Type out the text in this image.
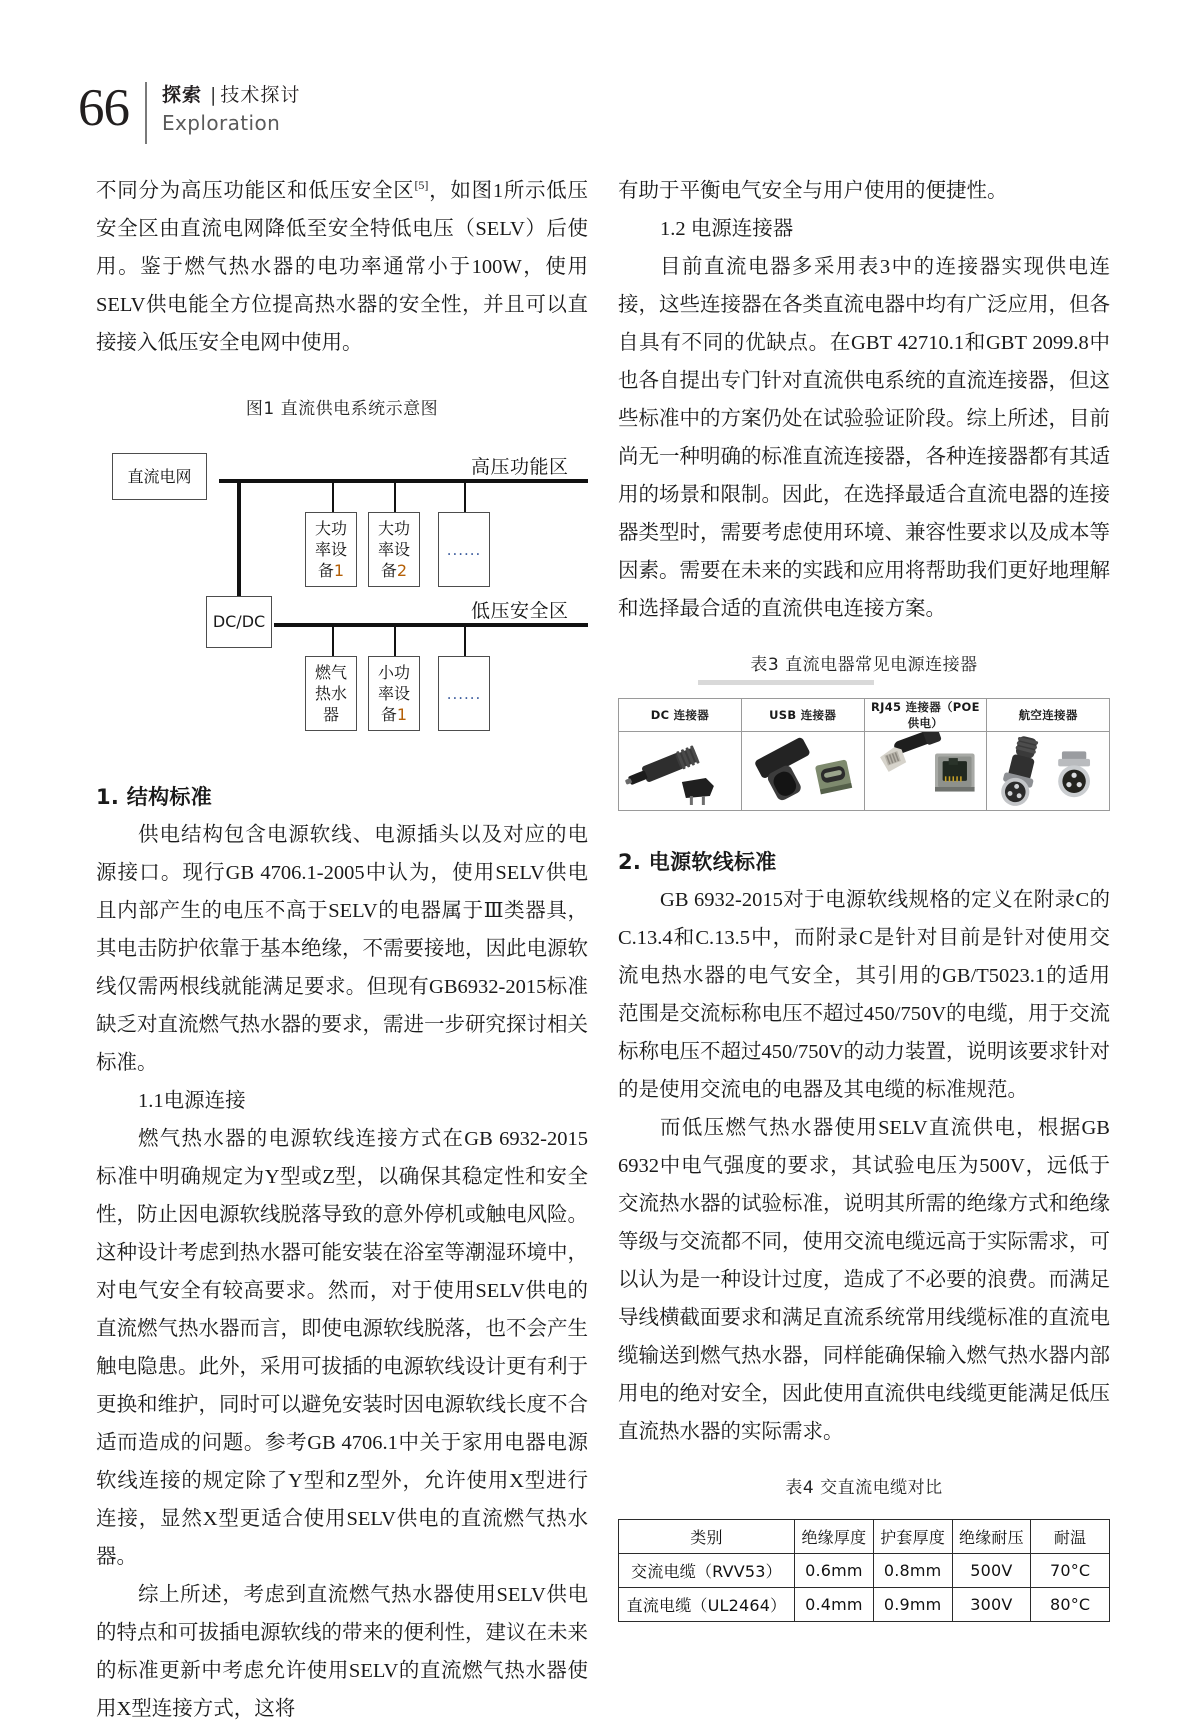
66	探索 | 技术探讨
Exploration

不同分为高压功能区和低压安全区[5]，如图1所示低压安全区由直流电网降低至安全特低电压（SELV）后使用。鉴于燃气热水器的电功率通常小于100W，使用SELV供电能全方位提高热水器的安全性，并且可以直接接入低压安全电网中使用。

图1 直流供电系统示意图
直流电网
DC/DC
大功
率设
备1
大功
率设
备2
......
燃气
热水
器
小功
率设
备1
......
高压功能区
低压安全区
1. 结构标准

供电结构包含电源软线、电源插头以及对应的电源接口。现行GB 4706.1-2005中认为，使用SELV供电且内部产生的电压不高于SELV的电器属于Ⅲ类器具，其电击防护依靠于基本绝缘，不需要接地，因此电源软线仅需两根线就能满足要求。但现有GB6932-2015标准缺乏对直流燃气热水器的要求，需进一步研究探讨相关标准。

1.1电源连接

燃气热水器的电源软线连接方式在GB 6932-2015标准中明确规定为Y型或Z型，以确保其稳定性和安全性，防止因电源软线脱落导致的意外停机或触电风险。这种设计考虑到热水器可能安装在浴室等潮湿环境中，对电气安全有较高要求。然而，对于使用SELV供电的直流燃气热水器而言，即使电源软线脱落，也不会产生触电隐患。此外，采用可拔插的电源软线设计更有利于更换和维护，同时可以避免安装时因电源软线长度不合适而造成的问题。参考GB 4706.1中关于家用电器电源软线连接的规定除了Y型和Z型外，允许使用X型进行连接，显然X型更适合使用SELV供电的直流燃气热水器。

综上所述，考虑到直流燃气热水器使用SELV供电的特点和可拔插电源软线的带来的便利性，建议在未来的标准更新中考虑允许使用SELV的直流燃气热水器使用X型连接方式，这将

有助于平衡电气安全与用户使用的便捷性。

1.2 电源连接器

目前直流电器多采用表3中的连接器实现供电连接，这些连接器在各类直流电器中均有广泛应用，但各自具有不同的优缺点。在GBT 42710.1和GBT 2099.8中也各自提出专门针对直流供电系统的直流连接器，但这些标准中的方案仍处在试验验证阶段。综上所述，目前尚无一种明确的标准直流连接器，各种连接器都有其适用的场景和限制。因此，在选择最适合直流电器的连接器类型时，需要考虑使用环境、兼容性要求以及成本等因素。需要在未来的实践和应用将帮助我们更好地理解和选择最合适的直流供电连接方案。

表3 直流电器常见电源连接器
DC 连接器	USB 连接器	RJ45 连接器（POE 供电）	航空连接器

2. 电源软线标准

GB 6932-2015对于电源软线规格的定义在附录C的C.13.4和C.13.5中，而附录C是针对目前是针对使用交流电热水器的电气安全，其引用的GB/T5023.1的适用范围是交流标称电压不超过450/750V的电缆，用于交流标称电压不超过450/750V的动力装置，说明该要求针对的是使用交流电的电器及其电缆的标准规范。

而低压燃气热水器使用SELV直流供电，根据GB 6932中电气强度的要求，其试验电压为500V，远低于交流热水器的试验标准，说明其所需的绝缘方式和绝缘等级与交流都不同，使用交流电缆远高于实际需求，可以认为是一种设计过度，造成了不必要的浪费。而满足导线横截面要求和满足直流系统常用线缆标准的直流电缆输送到燃气热水器，同样能确保输入燃气热水器内部用电的绝对安全，因此使用直流供电线缆更能满足低压直流热水器的实际需求。

表4 交直流电缆对比
类别	绝缘厚度	护套厚度	绝缘耐压	耐温
交流电缆（RVV53）	0.6mm	0.8mm	500V	70°C
直流电缆（UL2464）	0.4mm	0.9mm	300V	80°C
